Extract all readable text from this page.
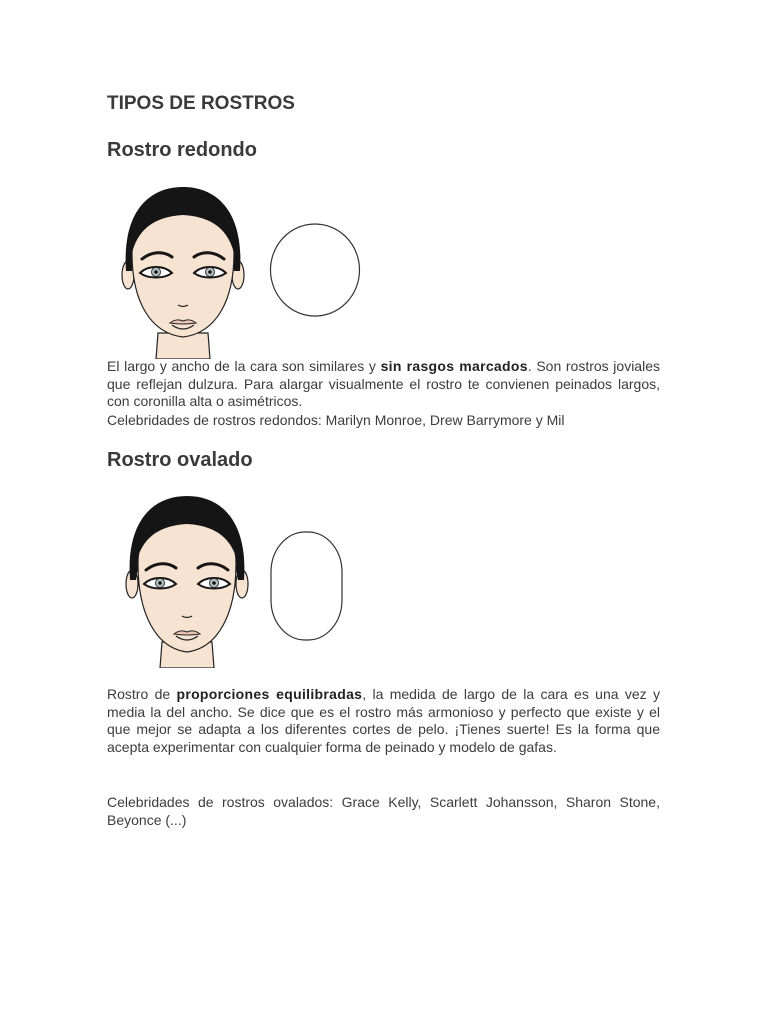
TIPOS DE ROSTROS
Rostro redondo

El largo y ancho de la cara son similares y sin rasgos marcados. Son rostros joviales que reflejan dulzura. Para alargar visualmente el rostro te convienen peinados largos, con coronilla alta o asimétricos.

Celebridades de rostros redondos: Marilyn Monroe, Drew Barrymore y Mil

Rostro ovalado

Rostro de proporciones equilibradas, la medida de largo de la cara es una vez y media la del ancho. Se dice que es el rostro más armonioso y perfecto que existe y el que mejor se adapta a los diferentes cortes de pelo. ¡Tienes suerte! Es la forma que acepta experimentar con cualquier forma de peinado y modelo de gafas.

Celebridades de rostros ovalados: Grace Kelly, Scarlett Johansson, Sharon Stone, Beyonce (...)
